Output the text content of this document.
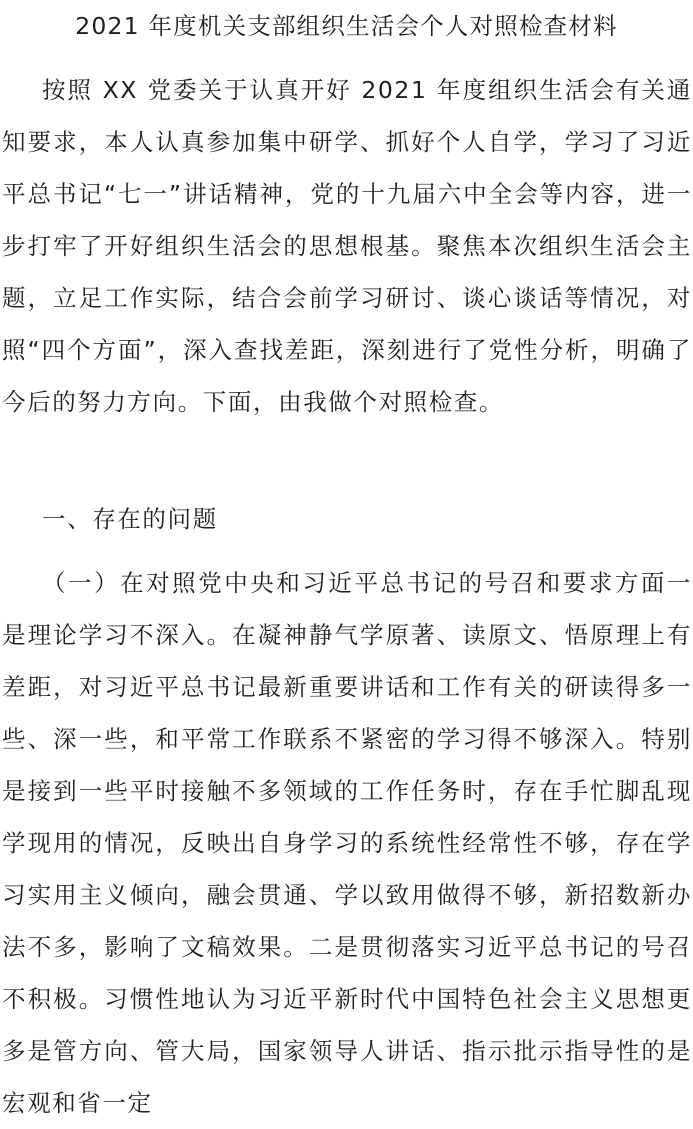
2021 年度机关支部组织生活会个人对照检查材料

按照 XX 党委关于认真开好 2021 年度组织生活会有关通知要求，本人认真参加集中研学、抓好个人自学，学习了习近平总书记“七一”讲话精神，党的十九届六中全会等内容，进一步打牢了开好组织生活会的思想根基。聚焦本次组织生活会主题，立足工作实际，结合会前学习研讨、谈心谈话等情况，对照“四个方面”，深入查找差距，深刻进行了党性分析，明确了今后的努力方向。下面，由我做个对照检查。

一、存在的问题

（一）在对照党中央和习近平总书记的号召和要求方面一是理论学习不深入。在凝神静气学原著、读原文、悟原理上有差距，对习近平总书记最新重要讲话和工作有关的研读得多一些、深一些，和平常工作联系不紧密的学习得不够深入。特别是接到一些平时接触不多领域的工作任务时，存在手忙脚乱现学现用的情况，反映出自身学习的系统性经常性不够，存在学习实用主义倾向，融会贯通、学以致用做得不够，新招数新办法不多，影响了文稿效果。二是贯彻落实习近平总书记的号召不积极。习惯性地认为习近平新时代中国特色社会主义思想更多是管方向、管大局，国家领导人讲话、指示批示指导性的是宏观和省一定
